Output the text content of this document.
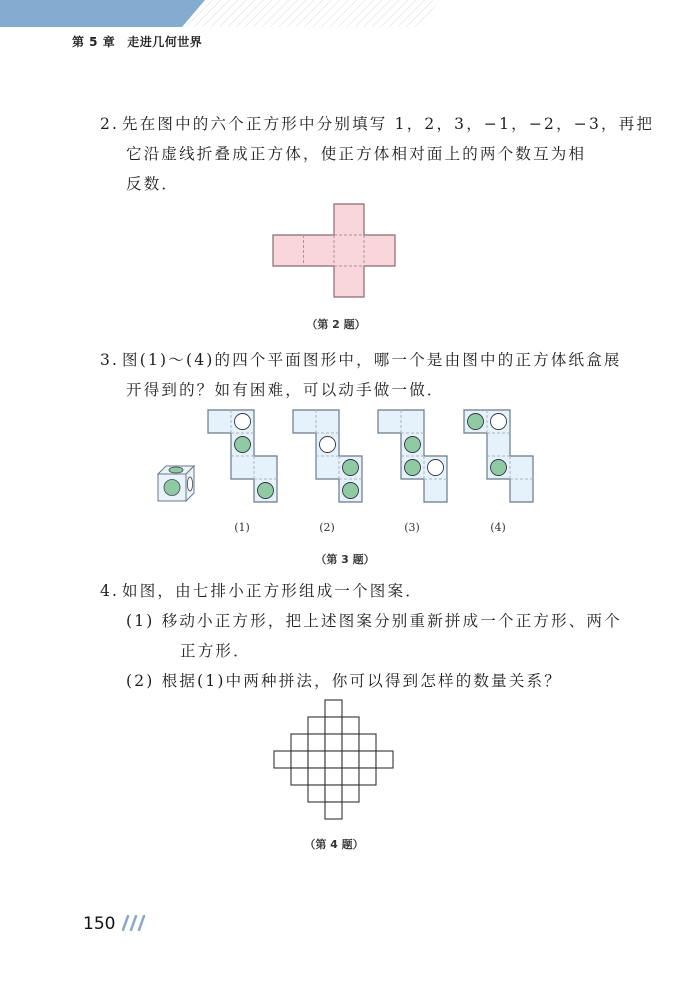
第 5 章 走进几何世界
2. 先在图中的六个正方形中分别填写 1，2，3，−1，−2，−3，再把
它沿虚线折叠成正方体，使正方体相对面上的两个数互为相
反数．
（第 2 题）
3. 图(1)～(4)的四个平面图形中，哪一个是由图中的正方体纸盒展
开得到的？如有困难，可以动手做一做．
(1)	(2)	(3)	(4)
（第 3 题）
4. 如图，由七排小正方形组成一个图案．
(1) 移动小正方形，把上述图案分别重新拼成一个正方形、两个
正方形．
(2) 根据(1)中两种拼法，你可以得到怎样的数量关系？
（第 4 题）
150
